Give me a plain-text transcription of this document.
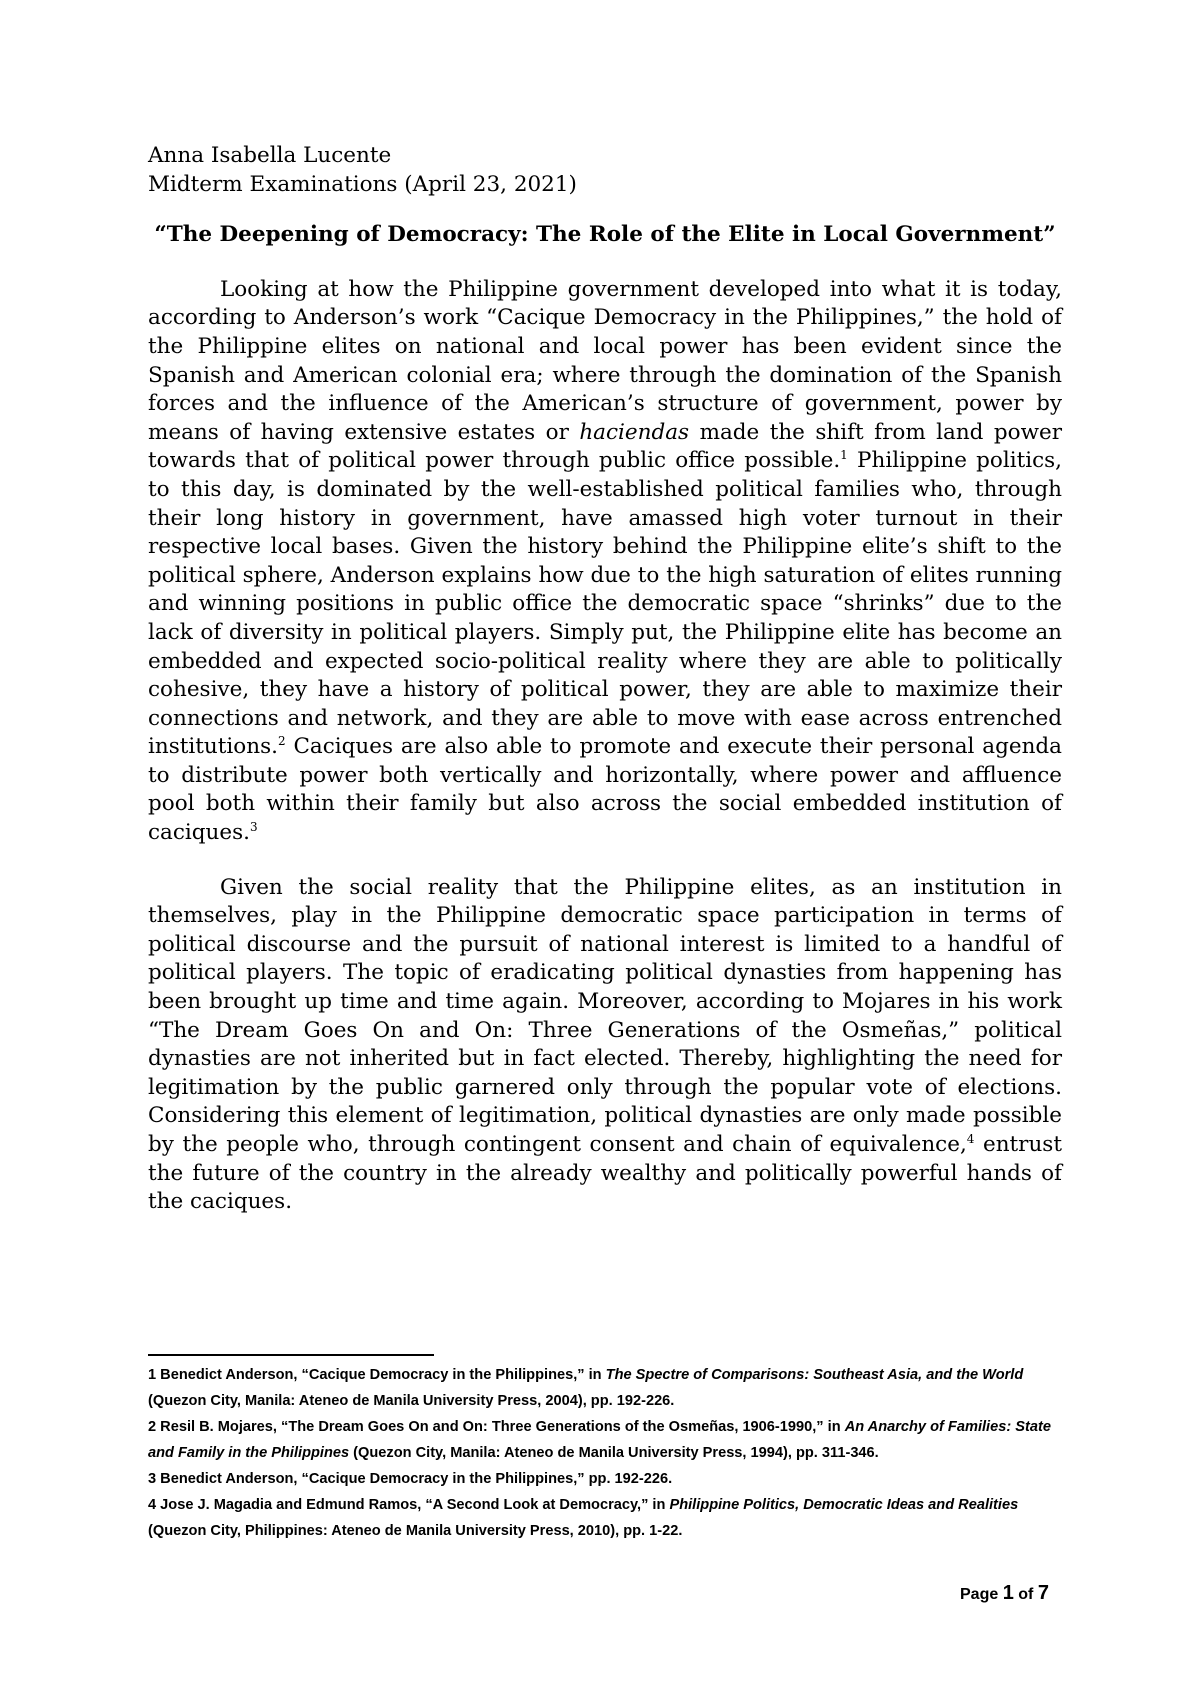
Anna Isabella Lucente

Midterm Examinations (April 23, 2021)

“The Deepening of Democracy: The Role of the Elite in Local Government”

Looking at how the Philippine government developed into what it is today, according to Anderson’s work “Cacique Democracy in the Philippines,” the hold of the Philippine elites on national and local power has been evident since the Spanish and American colonial era; where through the domination of the Spanish forces and the influence of the American’s structure of government, power by means of having extensive estates or haciendas made the shift from land power towards that of political power through public office possible.$^1$ Philippine politics, to this day, is dominated by the well-established political families who, through their long history in government, have amassed high voter turnout in their respective local bases. Given the history behind the Philippine elite’s shift to the political sphere, Anderson explains how due to the high saturation of elites running and winning positions in public office the democratic space “shrinks” due to the lack of diversity in political players. Simply put, the Philippine elite has become an embedded and expected socio-political reality where they are able to politically cohesive, they have a history of political power, they are able to maximize their connections and network, and they are able to move with ease across entrenched institutions.$^2$ Caciques are also able to promote and execute their personal agenda to distribute power both vertically and horizontally, where power and affluence pool both within their family but also across the social embedded institution of caciques.$^3$

Given the social reality that the Philippine elites, as an institution in themselves, play in the Philippine democratic space participation in terms of political discourse and the pursuit of national interest is limited to a handful of political players. The topic of eradicating political dynasties from happening has been brought up time and time again. Moreover, according to Mojares in his work “The Dream Goes On and On: Three Generations of the Osmeñas,” political dynasties are not inherited but in fact elected. Thereby, highlighting the need for legitimation by the public garnered only through the popular vote of elections. Considering this element of legitimation, political dynasties are only made possible by the people who, through contingent consent and chain of equivalence,$^4$ entrust the future of the country in the already wealthy and politically powerful hands of the caciques.

1 Benedict Anderson, “Cacique Democracy in the Philippines,” in The Spectre of Comparisons: Southeast Asia, and the World (Quezon City, Manila: Ateneo de Manila University Press, 2004), pp. 192-226.

2 Resil B. Mojares, “The Dream Goes On and On: Three Generations of the Osmeñas, 1906-1990,” in An Anarchy of Families: State and Family in the Philippines (Quezon City, Manila: Ateneo de Manila University Press, 1994), pp. 311-346.

3 Benedict Anderson, “Cacique Democracy in the Philippines,” pp. 192-226.

4 Jose J. Magadia and Edmund Ramos, “A Second Look at Democracy,” in Philippine Politics, Democratic Ideas and Realities (Quezon City, Philippines: Ateneo de Manila University Press, 2010), pp. 1-22.

Page 1 of 7
